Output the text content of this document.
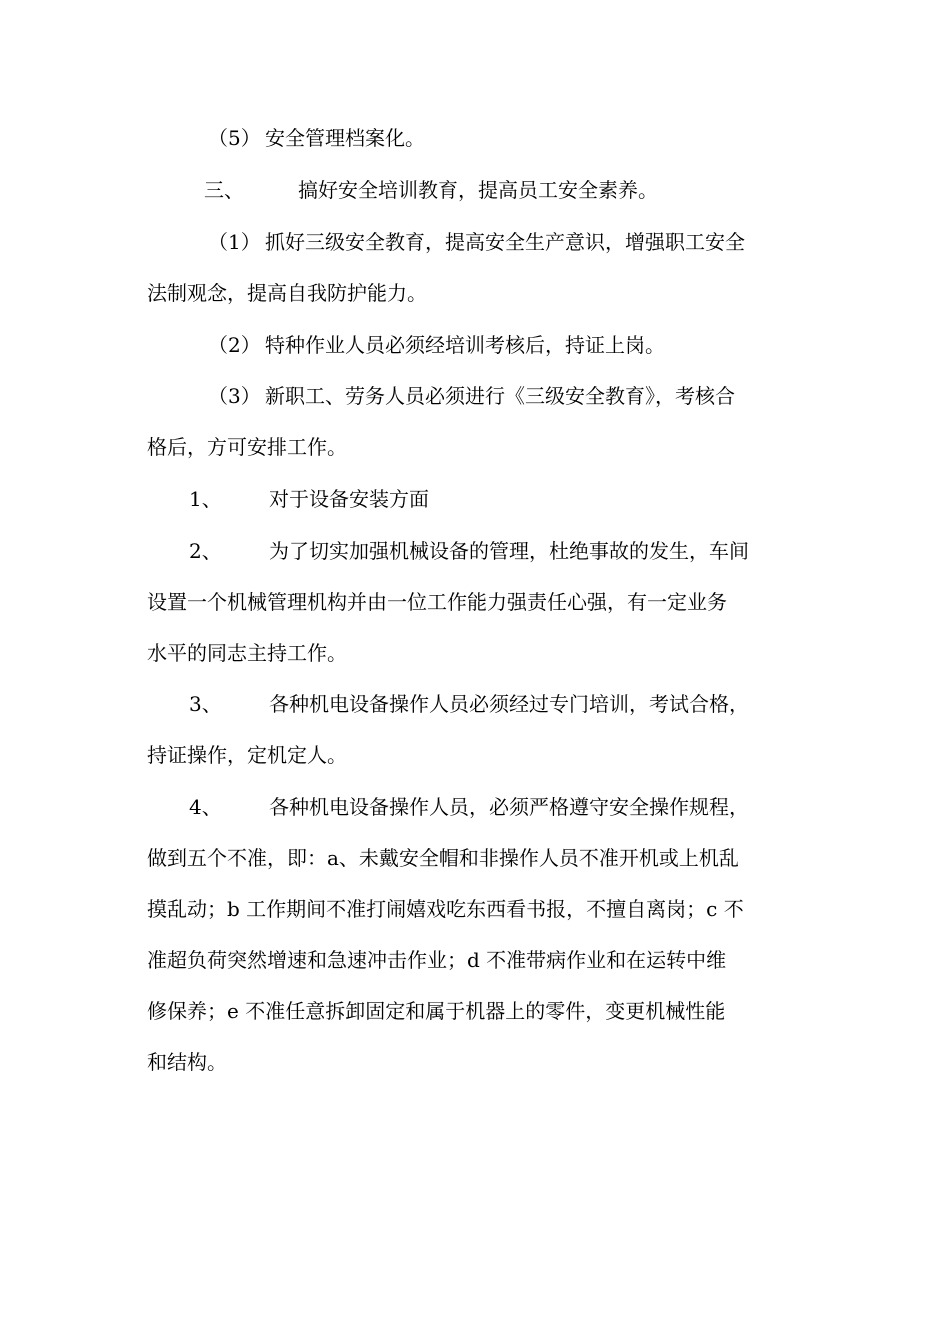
（5） 安全管理档案化。
三、	搞好安全培训教育，提高员工安全素养。
（1） 抓好三级安全教育，提高安全生产意识，增强职工安全
法制观念，提高自我防护能力。
（2） 特种作业人员必须经培训考核后，持证上岗。
（3） 新职工、劳务人员必须进行《三级安全教育》，考核合
格后，方可安排工作。
1、 对于设备安装方面
2、 为了切实加强机械设备的管理，杜绝事故的发生，车间
设置一个机械管理机构并由一位工作能力强责任心强，有一定业务
水平的同志主持工作。
3、 各种机电设备操作人员必须经过专门培训，考试合格，
持证操作，定机定人。
4、 各种机电设备操作人员，必须严格遵守安全操作规程，
做到五个不准，即：a、未戴安全帽和非操作人员不准开机或上机乱
摸乱动；b 工作期间不准打闹嬉戏吃东西看书报，不擅自离岗；c 不
准超负荷突然增速和急速冲击作业；d 不准带病作业和在运转中维
修保养；e 不准任意拆卸固定和属于机器上的零件，变更机械性能
和结构。
